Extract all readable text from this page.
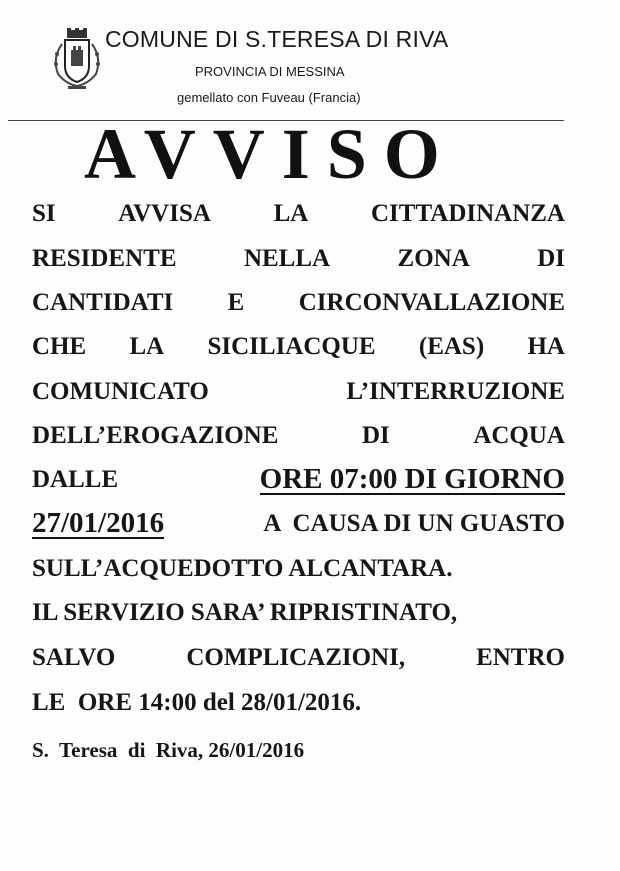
COMUNE DI S.TERESA DI RIVA
PROVINCIA DI MESSINA
gemellato con Fuveau (Francia)
AVVISO
SI	AVVISA	LA	CITTADINANZA
RESIDENTE	NELLA	ZONA	DI
CANTIDATI E CIRCONVALLAZIONE
CHE LA SICILIACQUE (EAS) HA
COMUNICATO	L’INTERRUZIONE
DELL’EROGAZIONE	DI	ACQUA
DALLE	ORE 07:00 DI GIORNO
27/01/2016	A  CAUSA DI UN GUASTO
SULL’ACQUEDOTTO ALCANTARA.
IL SERVIZIO SARA’ RIPRISTINATO,
SALVO	COMPLICAZIONI,	ENTRO
LE  ORE 14:00 del 28/01/2016.
S.  Teresa  di  Riva, 26/01/2016
